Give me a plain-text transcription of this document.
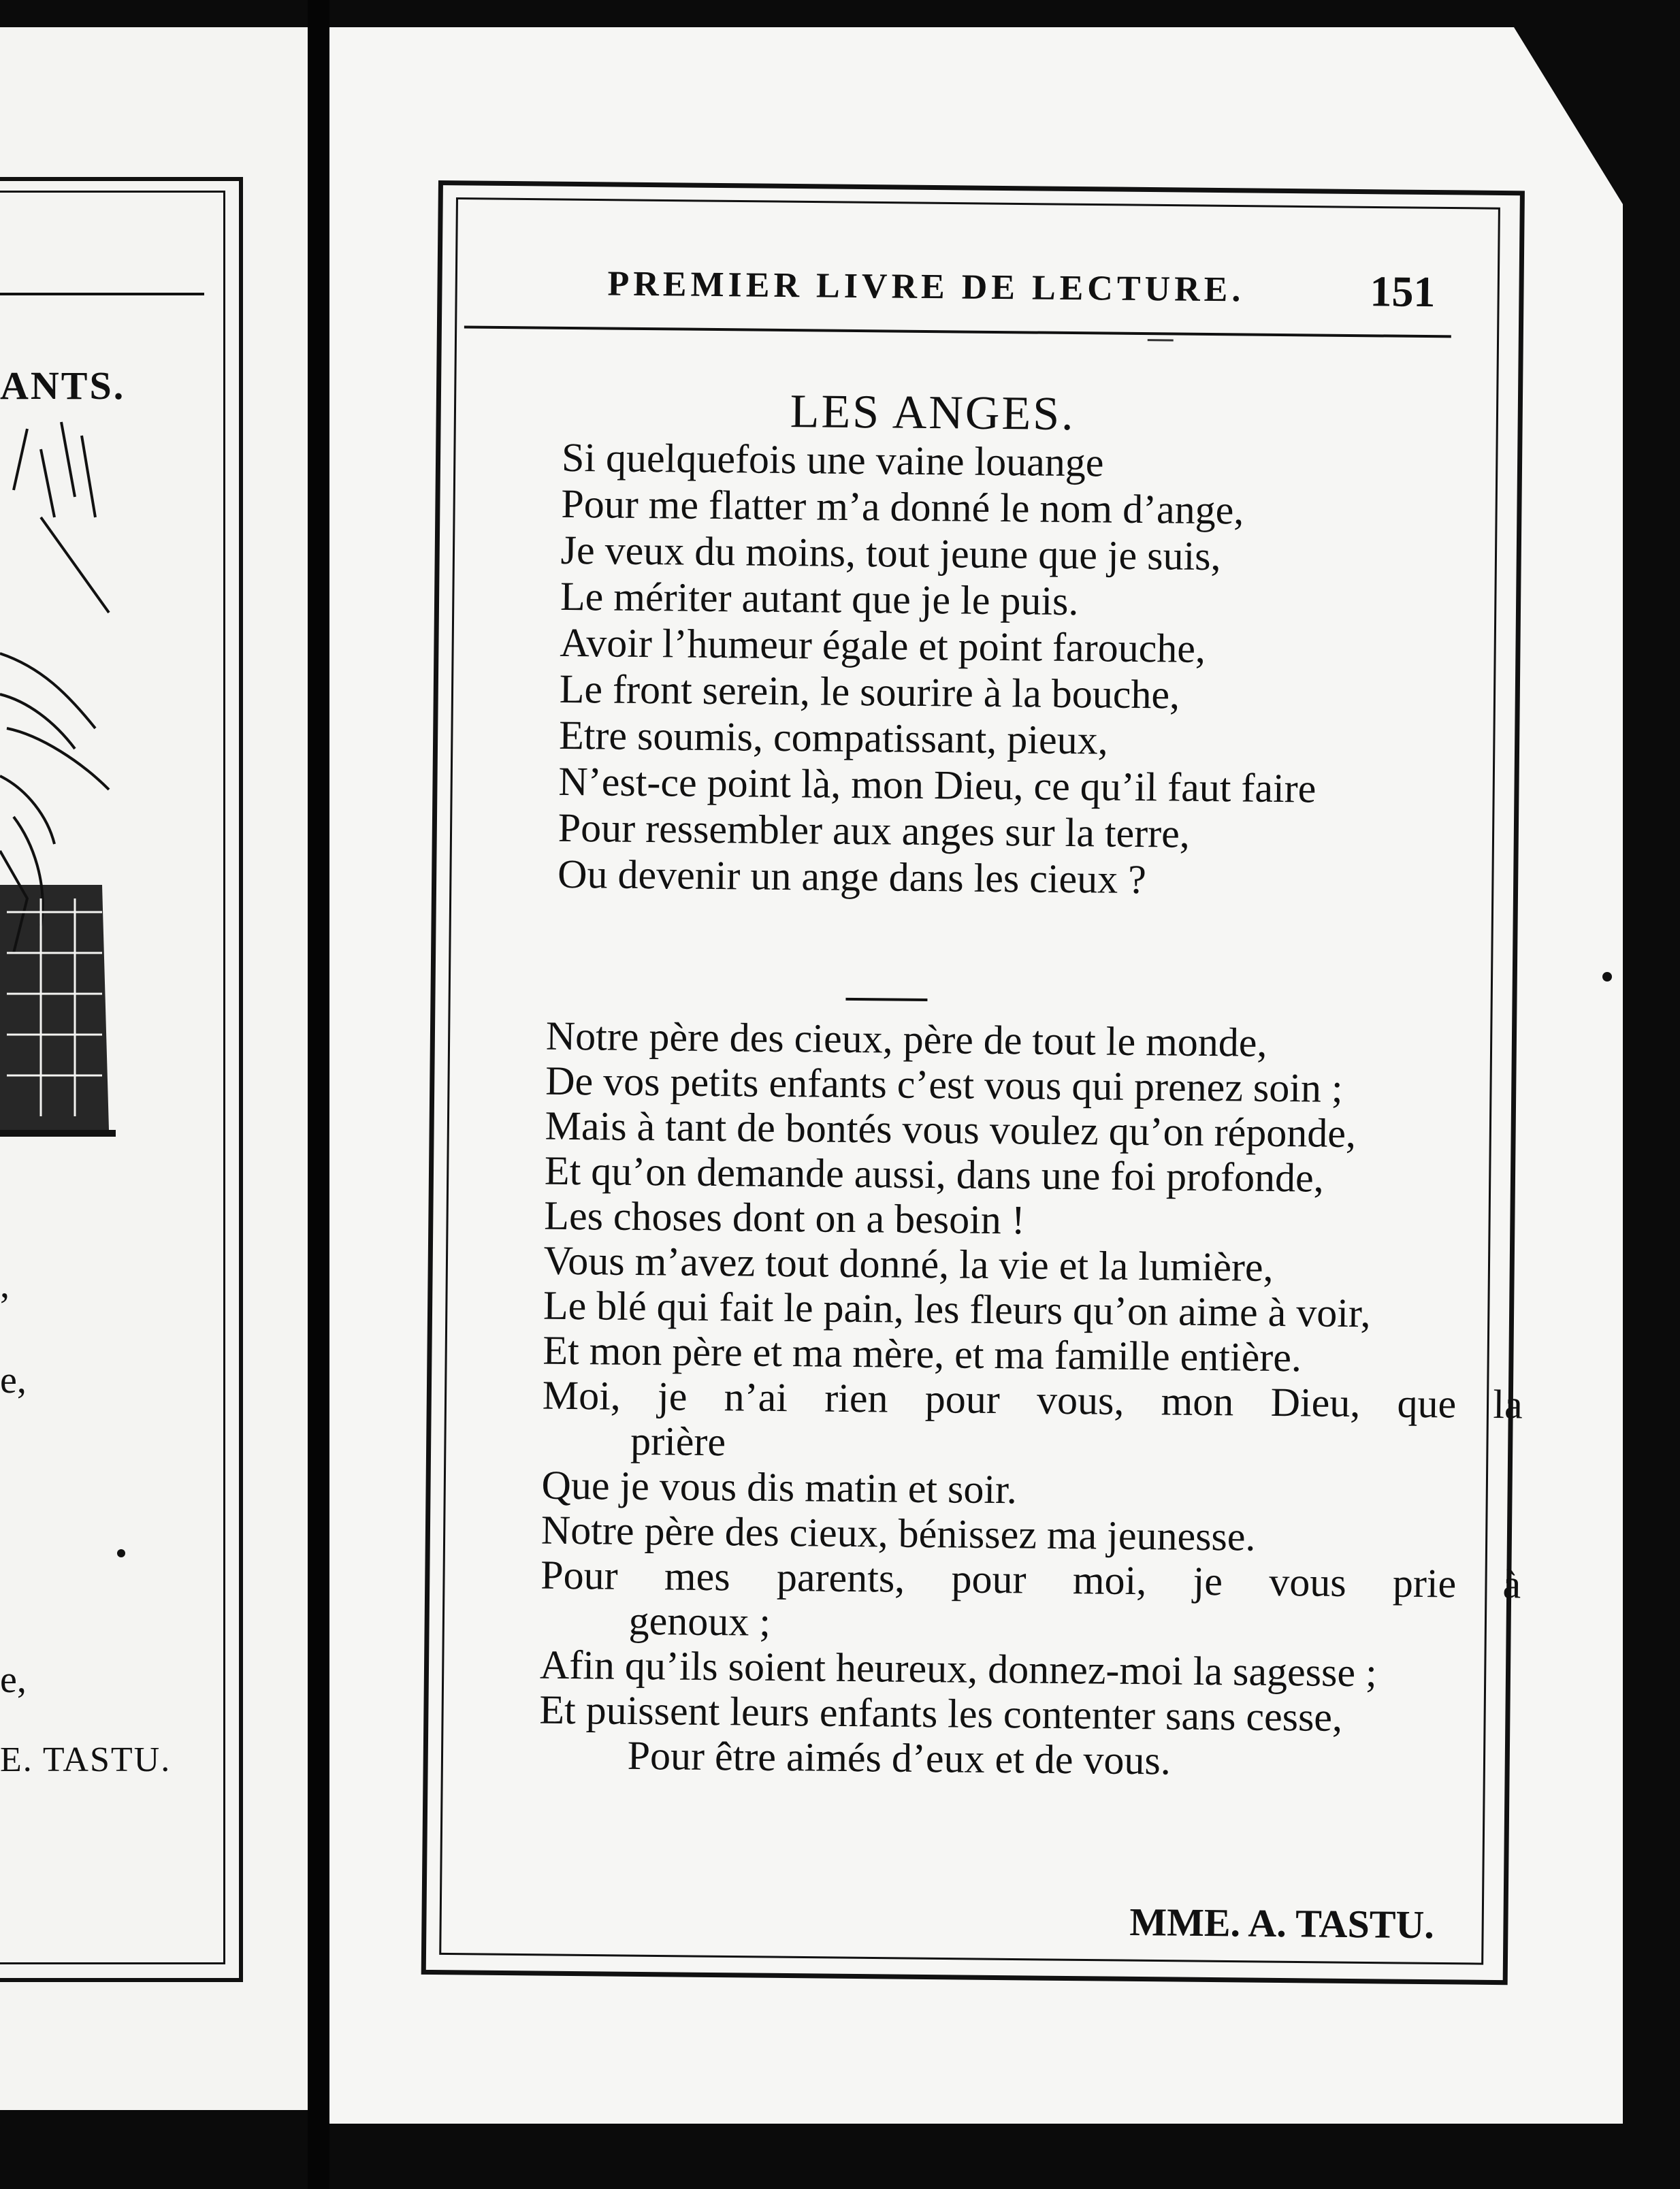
ANTS.
,
e,
e,
E. TASTU.
PREMIER LIVRE DE LECTURE.	151
LES ANGES.
Si quelquefois une vaine louange
Pour me flatter m’a donné le nom d’ange,
Je veux du moins, tout jeune que je suis,
Le mériter autant que je le puis.
Avoir l’humeur égale et point farouche,
Le front serein, le sourire à la bouche,
Etre soumis, compatissant, pieux,
N’est-ce point là, mon Dieu, ce qu’il faut faire
Pour ressembler aux anges sur la terre,
Ou devenir un ange dans les cieux ?
Notre père des cieux, père de tout le monde,
De vos petits enfants c’est vous qui prenez soin ;
Mais à tant de bontés vous voulez qu’on réponde,
Et qu’on demande aussi, dans une foi profonde,
Les choses dont on a besoin !
Vous m’avez tout donné, la vie et la lumière,
Le blé qui fait le pain, les fleurs qu’on aime à voir,
Et mon père et ma mère, et ma famille entière.
Moi, je n’ai rien pour vous, mon Dieu, que la
prière
Que je vous dis matin et soir.
Notre père des cieux, bénissez ma jeunesse.
Pour mes parents, pour moi, je vous prie à
genoux ;
Afin qu’ils soient heureux, donnez-moi la sagesse ;
Et puissent leurs enfants les contenter sans cesse,
Pour être aimés d’eux et de vous.
MME. A. TASTU.
